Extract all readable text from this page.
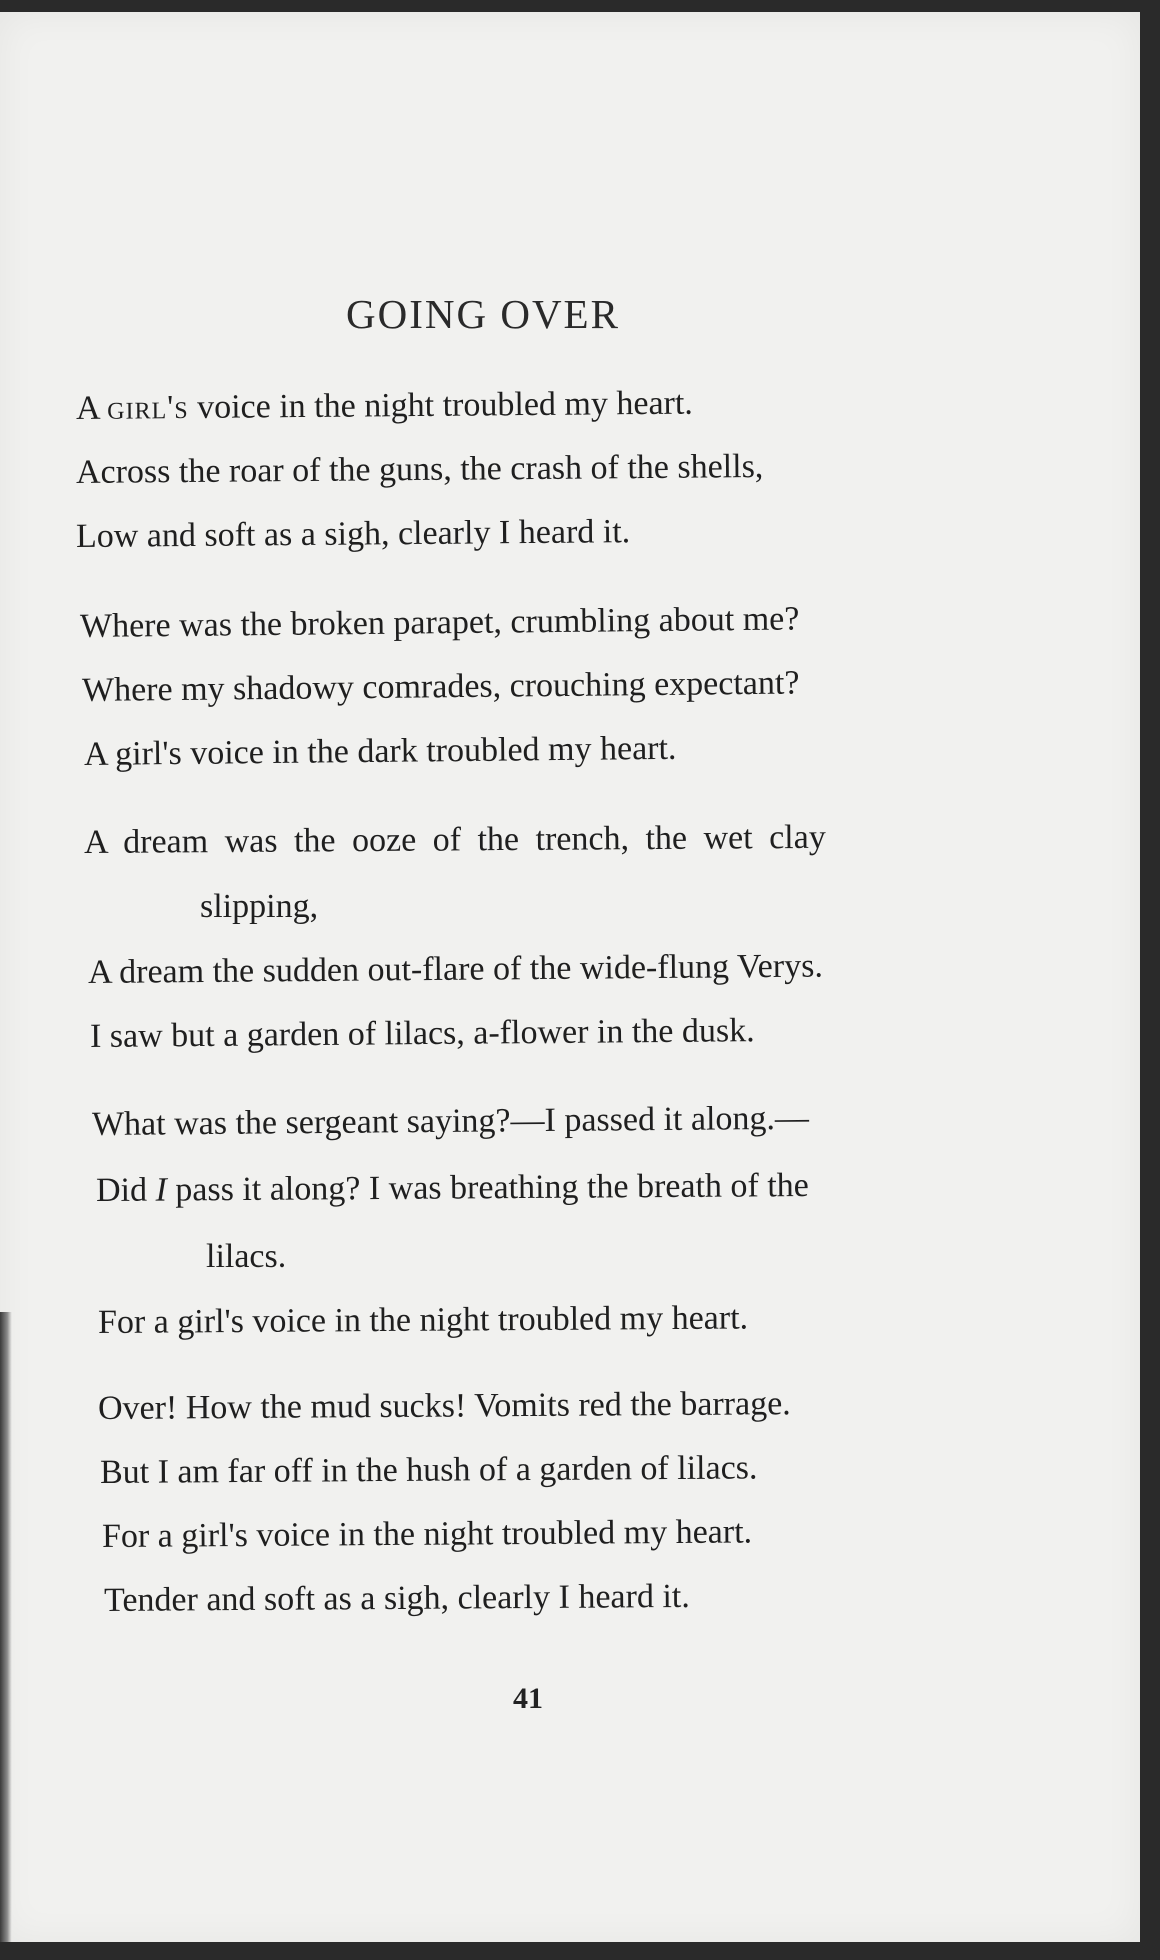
GOING OVER
A girl's voice in the night troubled my heart.
Across the roar of the guns, the crash of the shells,
Low and soft as a sigh, clearly I heard it.
Where was the broken parapet, crumbling about me?
Where my shadowy comrades, crouching expectant?
A girl's voice in the dark troubled my heart.
A dream was the ooze of the trench, the wet clay
slipping,
A dream the sudden out-flare of the wide-flung Verys.
I saw but a garden of lilacs, a-flower in the dusk.
What was the sergeant saying?—I passed it along.—
Did I pass it along? I was breathing the breath of the
lilacs.
For a girl's voice in the night troubled my heart.
Over! How the mud sucks! Vomits red the barrage.
But I am far off in the hush of a garden of lilacs.
For a girl's voice in the night troubled my heart.
Tender and soft as a sigh, clearly I heard it.
41
